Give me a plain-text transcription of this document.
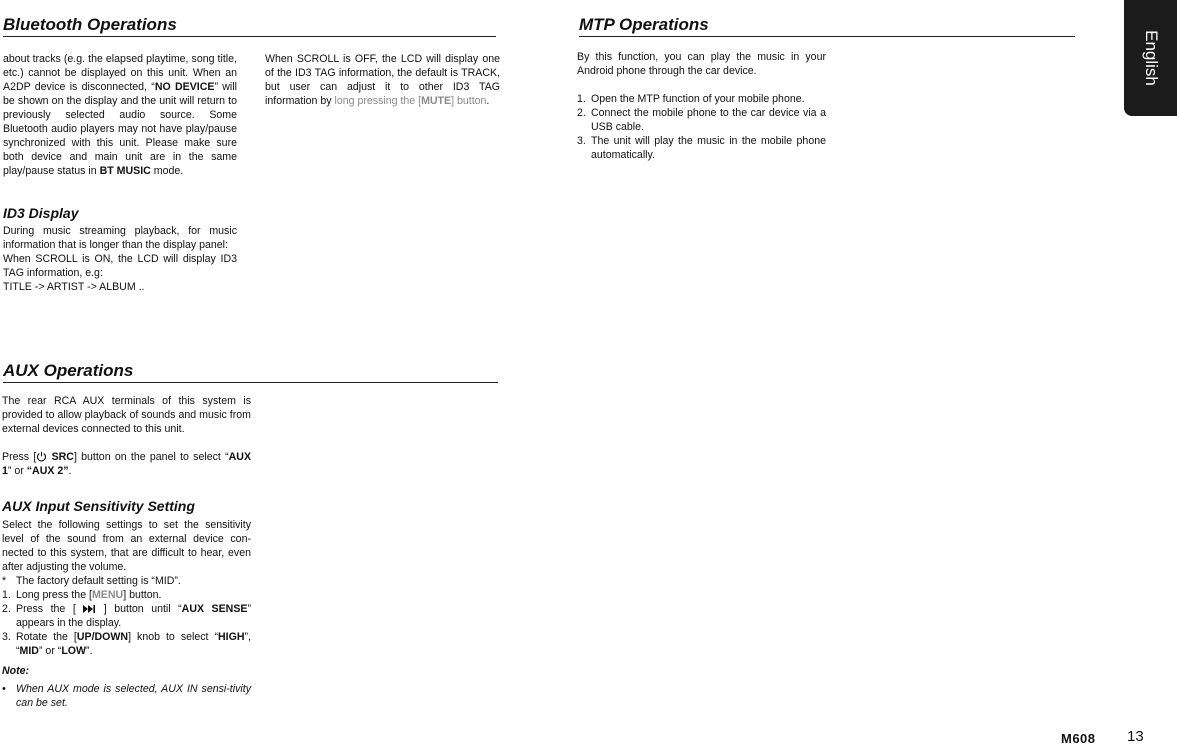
English
Bluetooth Operations

about tracks (e.g. the elapsed playtime, song title, etc.) cannot be displayed on this unit. When an A2DP device is disconnected, “NO DEVICE” will be shown on the display and the unit will return to previously selected audio source. Some Bluetooth audio players may not have play/pause synchronized with this unit. Please make sure both device and main unit are in the same play/pause status in BT MUSIC mode.

ID3 Display

During music streaming playback, for music information that is longer than the display panel:

When SCROLL is ON, the LCD will display ID3 TAG information, e.g:

TITLE -> ARTIST -> ALBUM ..

When SCROLL is OFF, the LCD will display one of the ID3 TAG information, the default is TRACK, but user can adjust it to other ID3 TAG information by long pressing the [MUTE] button.

MTP Operations

By this function, you can play the music in your Android phone through the car device.

1. Open the MTP function of your mobile phone.
2. Connect the mobile phone to the car device via a USB cable.
3. The unit will play the music in the mobile phone automatically.
AUX Operations

The rear RCA AUX terminals of this system is provided to allow playback of sounds and music from external devices connected to this unit.

Press [ SRC] button on the panel to select “AUX 1” or “AUX 2”.

AUX Input Sensitivity Setting

Select the following settings to set the sensitivity level of the sound from an external device con-nected to this system, that are difficult to hear, even after adjusting the volume.

* The factory default setting is “MID”.
1. Long press the [MENU] button.
2. Press the [	] button until “AUX SENSE” appears in the display.
3. Rotate the [UP/DOWN] knob to select “HIGH”, “MID” or “LOW”.

Note:

• When AUX mode is selected, AUX IN sensi-tivity can be set.
M608 13
